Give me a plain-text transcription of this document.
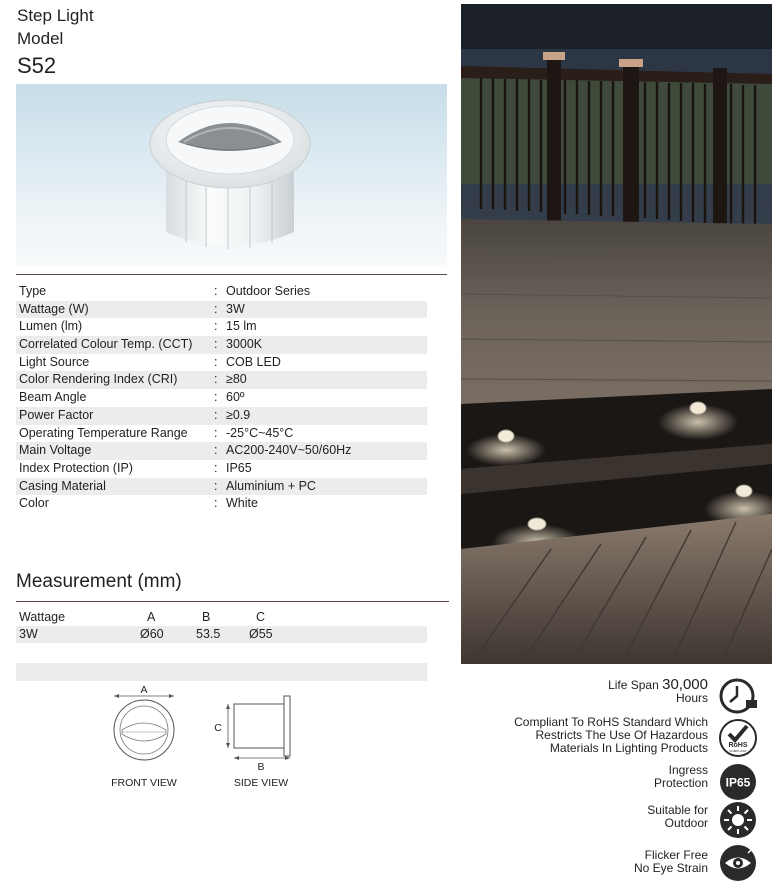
Step Light
Model
S52
Type	: Outdoor Series
Wattage (W)	: 3W
Lumen (lm)	: 15 lm
Correlated Colour Temp. (CCT) : 3000K
Light Source	: COB LED
Color Rendering Index (CRI)	: ≥80
Beam Angle	: 60º
Power Factor	: ≥0.9
Operating Temperature Range : -25°C~45°C
Main Voltage	: AC200-240V~50/60Hz
Index Protection (IP)	: IP65
Casing Material	: Aluminium + PC
Color	: White
Measurement (mm)
Wattage	A	B	C
3W	Ø60	53.5 Ø55
A
FRONT VIEW
C
B
SIDE VIEW
Life Span 30,000
Hours
Compliant To RoHS Standard Which
Restricts The Use Of Hazardous
Materials In Lighting Products	RoHS
COMPLIANT
Ingress
Protection IP65
Suitable for
Outdoor
Flicker Free
No Eye Strain
